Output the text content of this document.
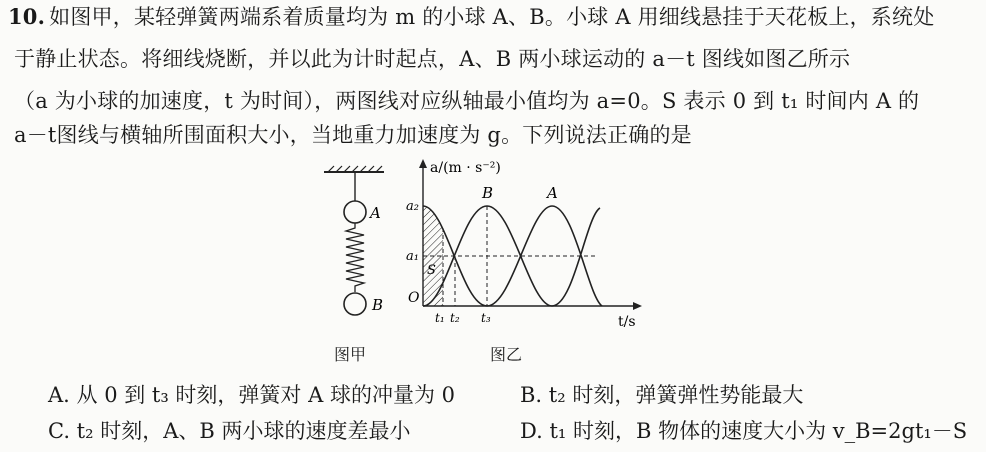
10. 如图甲，某轻弹簧两端系着质量均为 m 的小球 A、B。小球 A 用细线悬挂于天花板上，系统处
于静止状态。将细线烧断，并以此为计时起点，A、B 两小球运动的 a－t 图线如图乙所示
（a 为小球的加速度，t 为时间），两图线对应纵轴最小值均为 a=0。S 表示 0 到 t₁ 时间内 A 的
a－t图线与横轴所围面积大小，当地重力加速度为 g。下列说法正确的是
A
B
a/(m · s⁻²)
t/s
B	A
a₂
a₁
O
S
t₁ t₂ t₃
图甲	图乙
A. 从 0 到 t₃ 时刻，弹簧对 A 球的冲量为 0	B. t₂ 时刻，弹簧弹性势能最大
C. t₂ 时刻，A、B 两小球的速度差最小	D. t₁ 时刻，B 物体的速度大小为 v_B=2gt₁－S
